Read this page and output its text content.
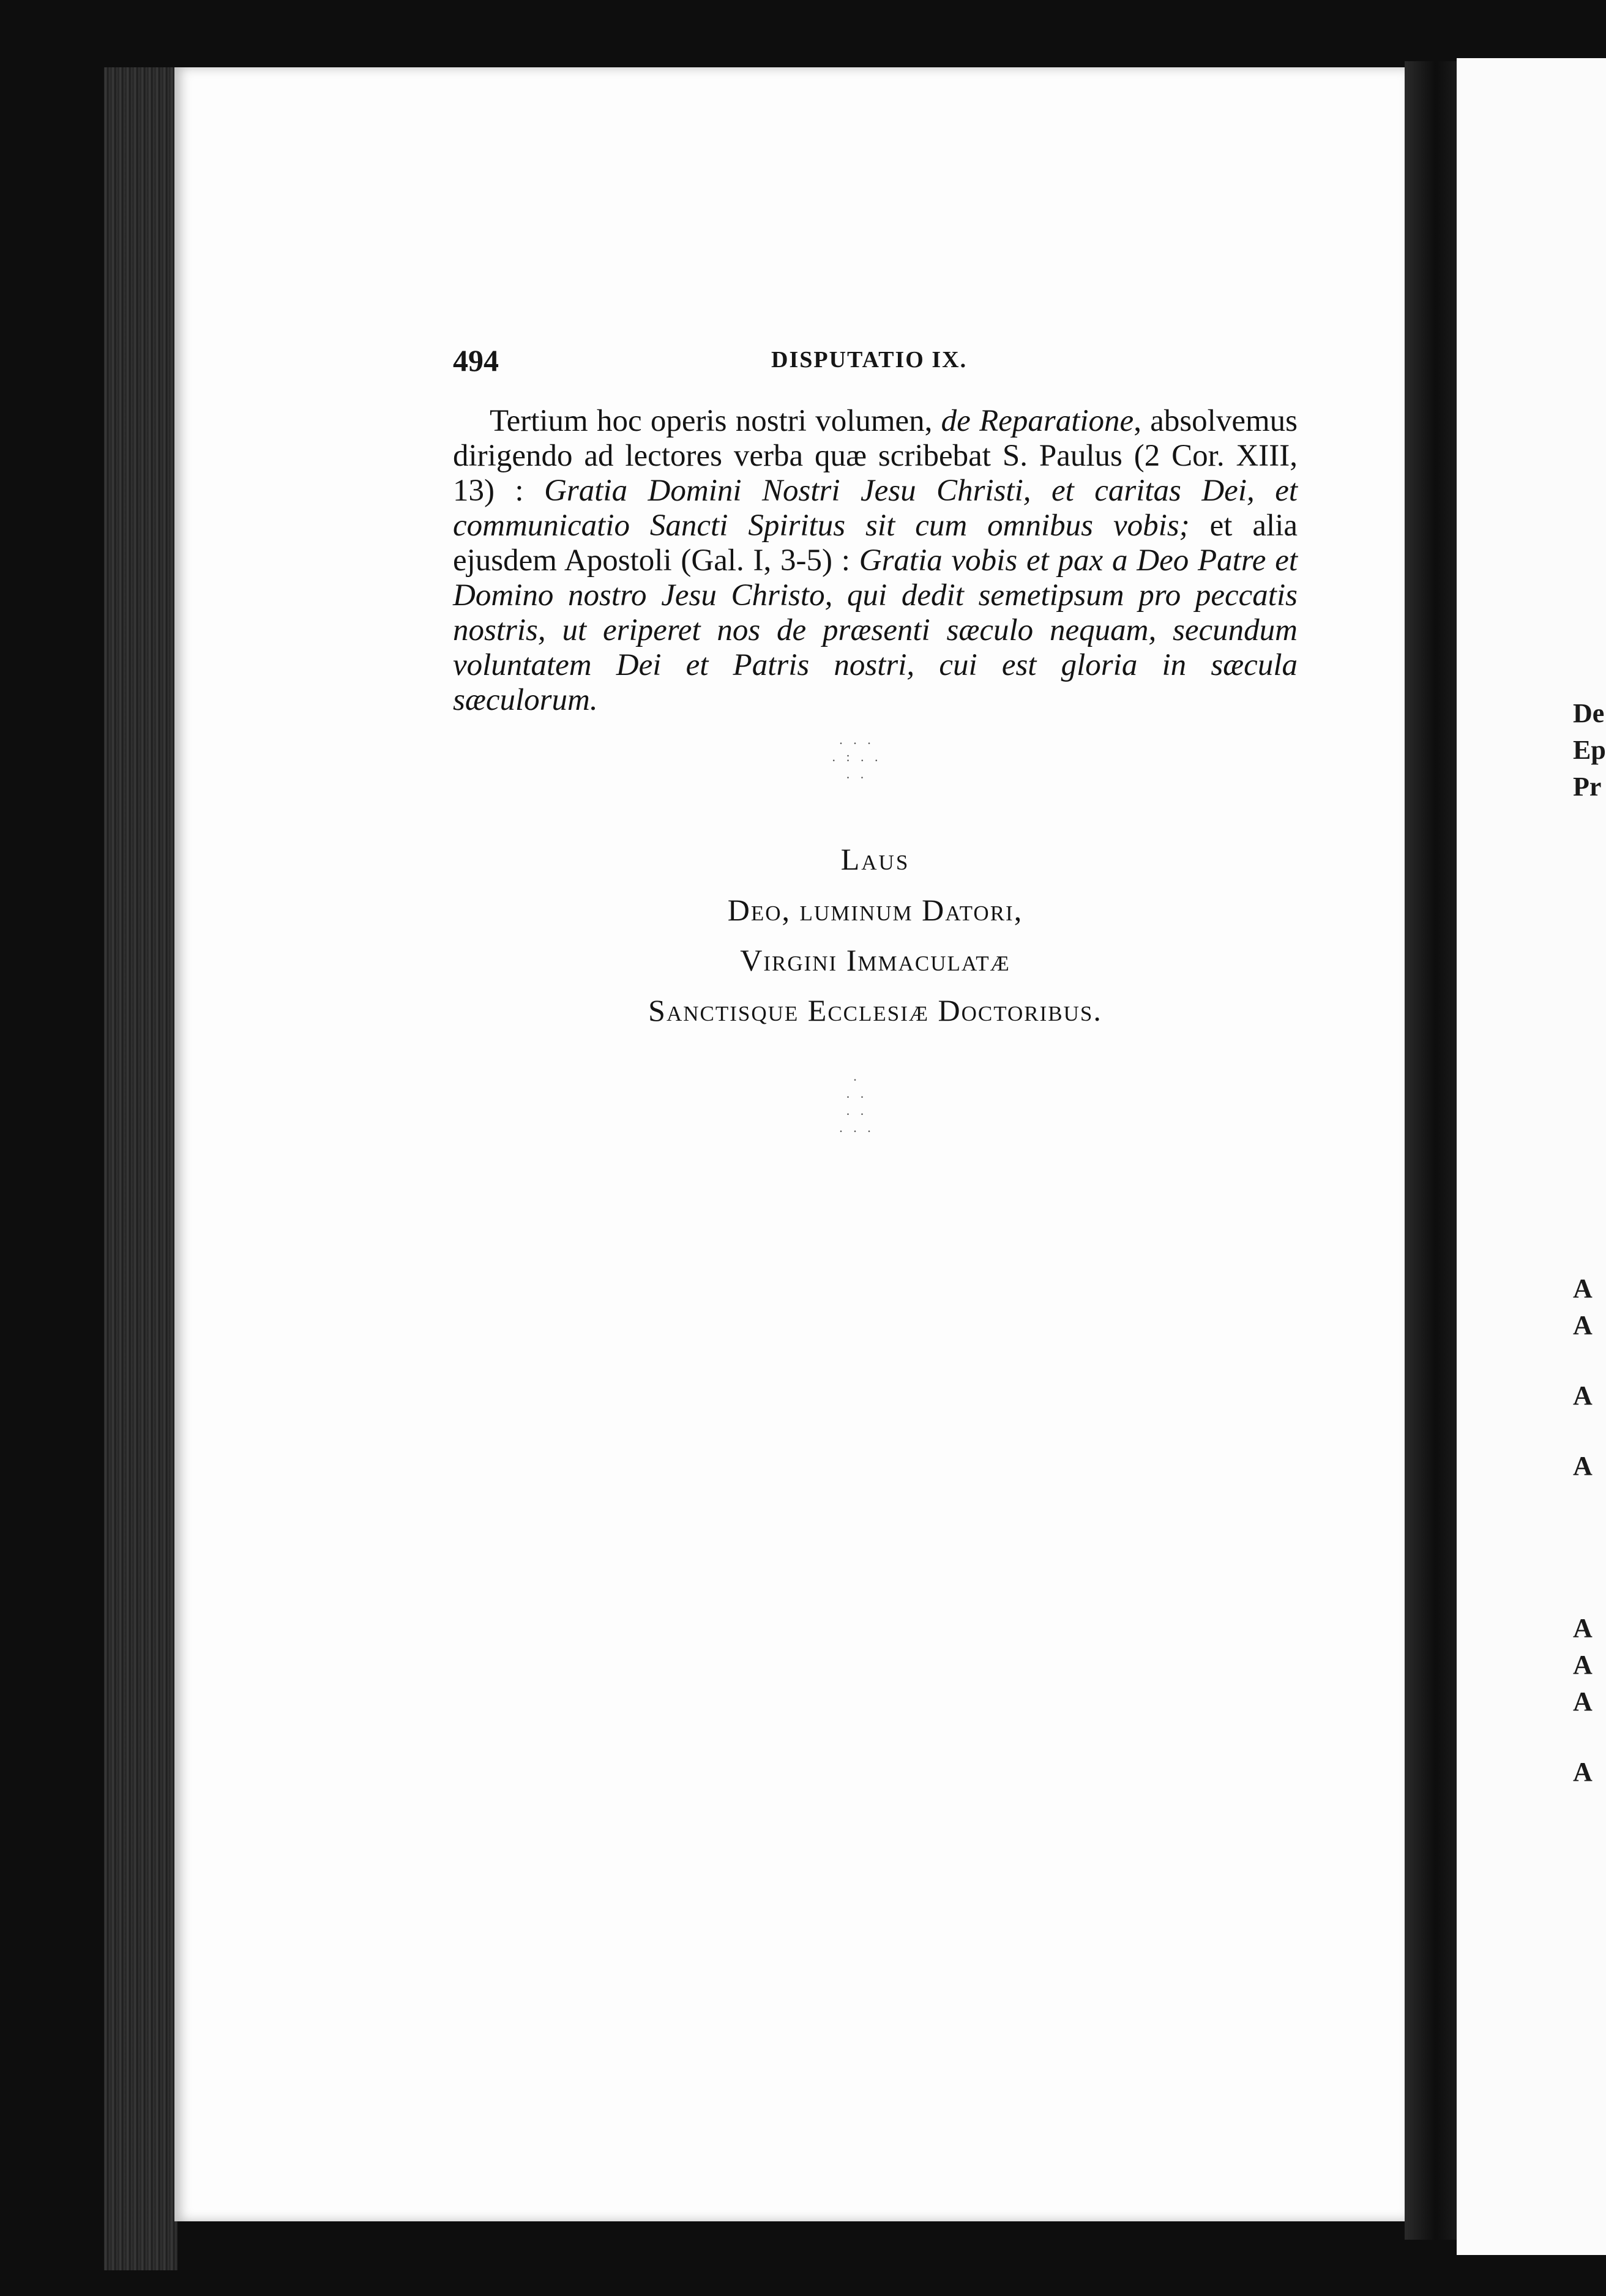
494	DISPUTATIO IX.

Tertium hoc operis nostri volumen, de Reparatione, absolvemus dirigendo ad lectores verba quæ scribebat S. Paulus (2 Cor. XIII, 13) : Gratia Domini Nostri Jesu Christi, et caritas Dei, et communicatio Sancti Spiritus sit cum omnibus vobis; et alia ejusdem Apostoli (Gal. I, 3-5) : Gratia vobis et pax a Deo Patre et Domino nostro Jesu Christo, qui dedit semetipsum pro peccatis nostris, ut eriperet nos de præsenti sæculo nequam, secundum voluntatem Dei et Patris nostri, cui est gloria in sæcula sæculorum.

. . .
. : . .
. .
Laus
Deo, luminum Datori,
Virgini Immaculatæ
Sanctisque Ecclesiæ Doctoribus.
.
. .
. .
. . .
De
Ep
Pr
A
A
A
A
A
A
A
A
